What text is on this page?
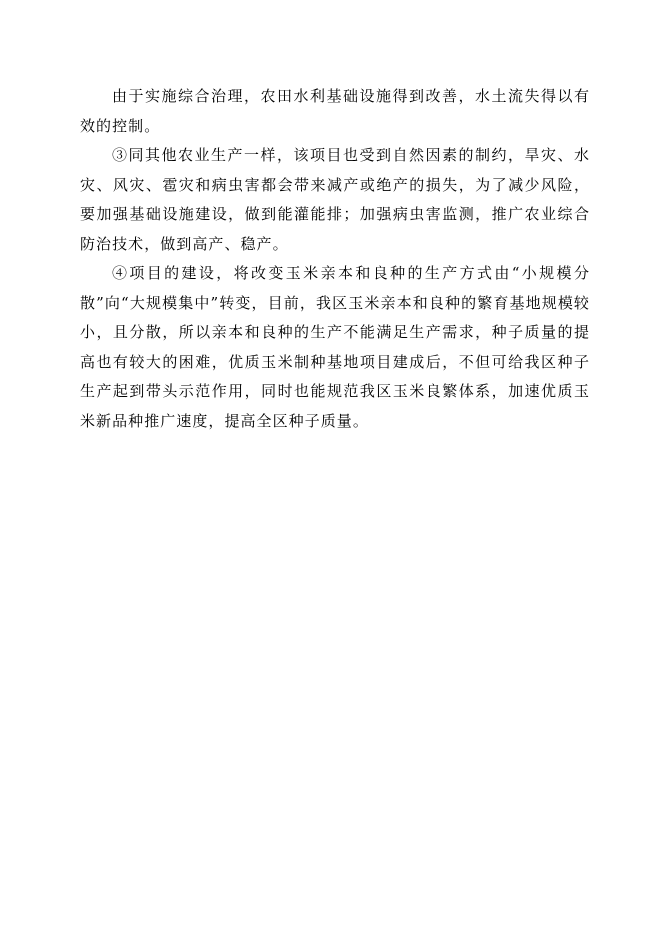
由于实施综合治理，农田水利基础设施得到改善，水土流失得以有效的控制。

③同其他农业生产一样，该项目也受到自然因素的制约，旱灾、水灾、风灾、雹灾和病虫害都会带来减产或绝产的损失，为了减少风险，要加强基础设施建设，做到能灌能排；加强病虫害监测，推广农业综合防治技术，做到高产、稳产。

④项目的建设，将改变玉米亲本和良种的生产方式由“小规模分散”向“大规模集中”转变，目前，我区玉米亲本和良种的繁育基地规模较小，且分散，所以亲本和良种的生产不能满足生产需求，种子质量的提高也有较大的困难，优质玉米制种基地项目建成后，不但可给我区种子生产起到带头示范作用，同时也能规范我区玉米良繁体系，加速优质玉米新品种推广速度，提高全区种子质量。
